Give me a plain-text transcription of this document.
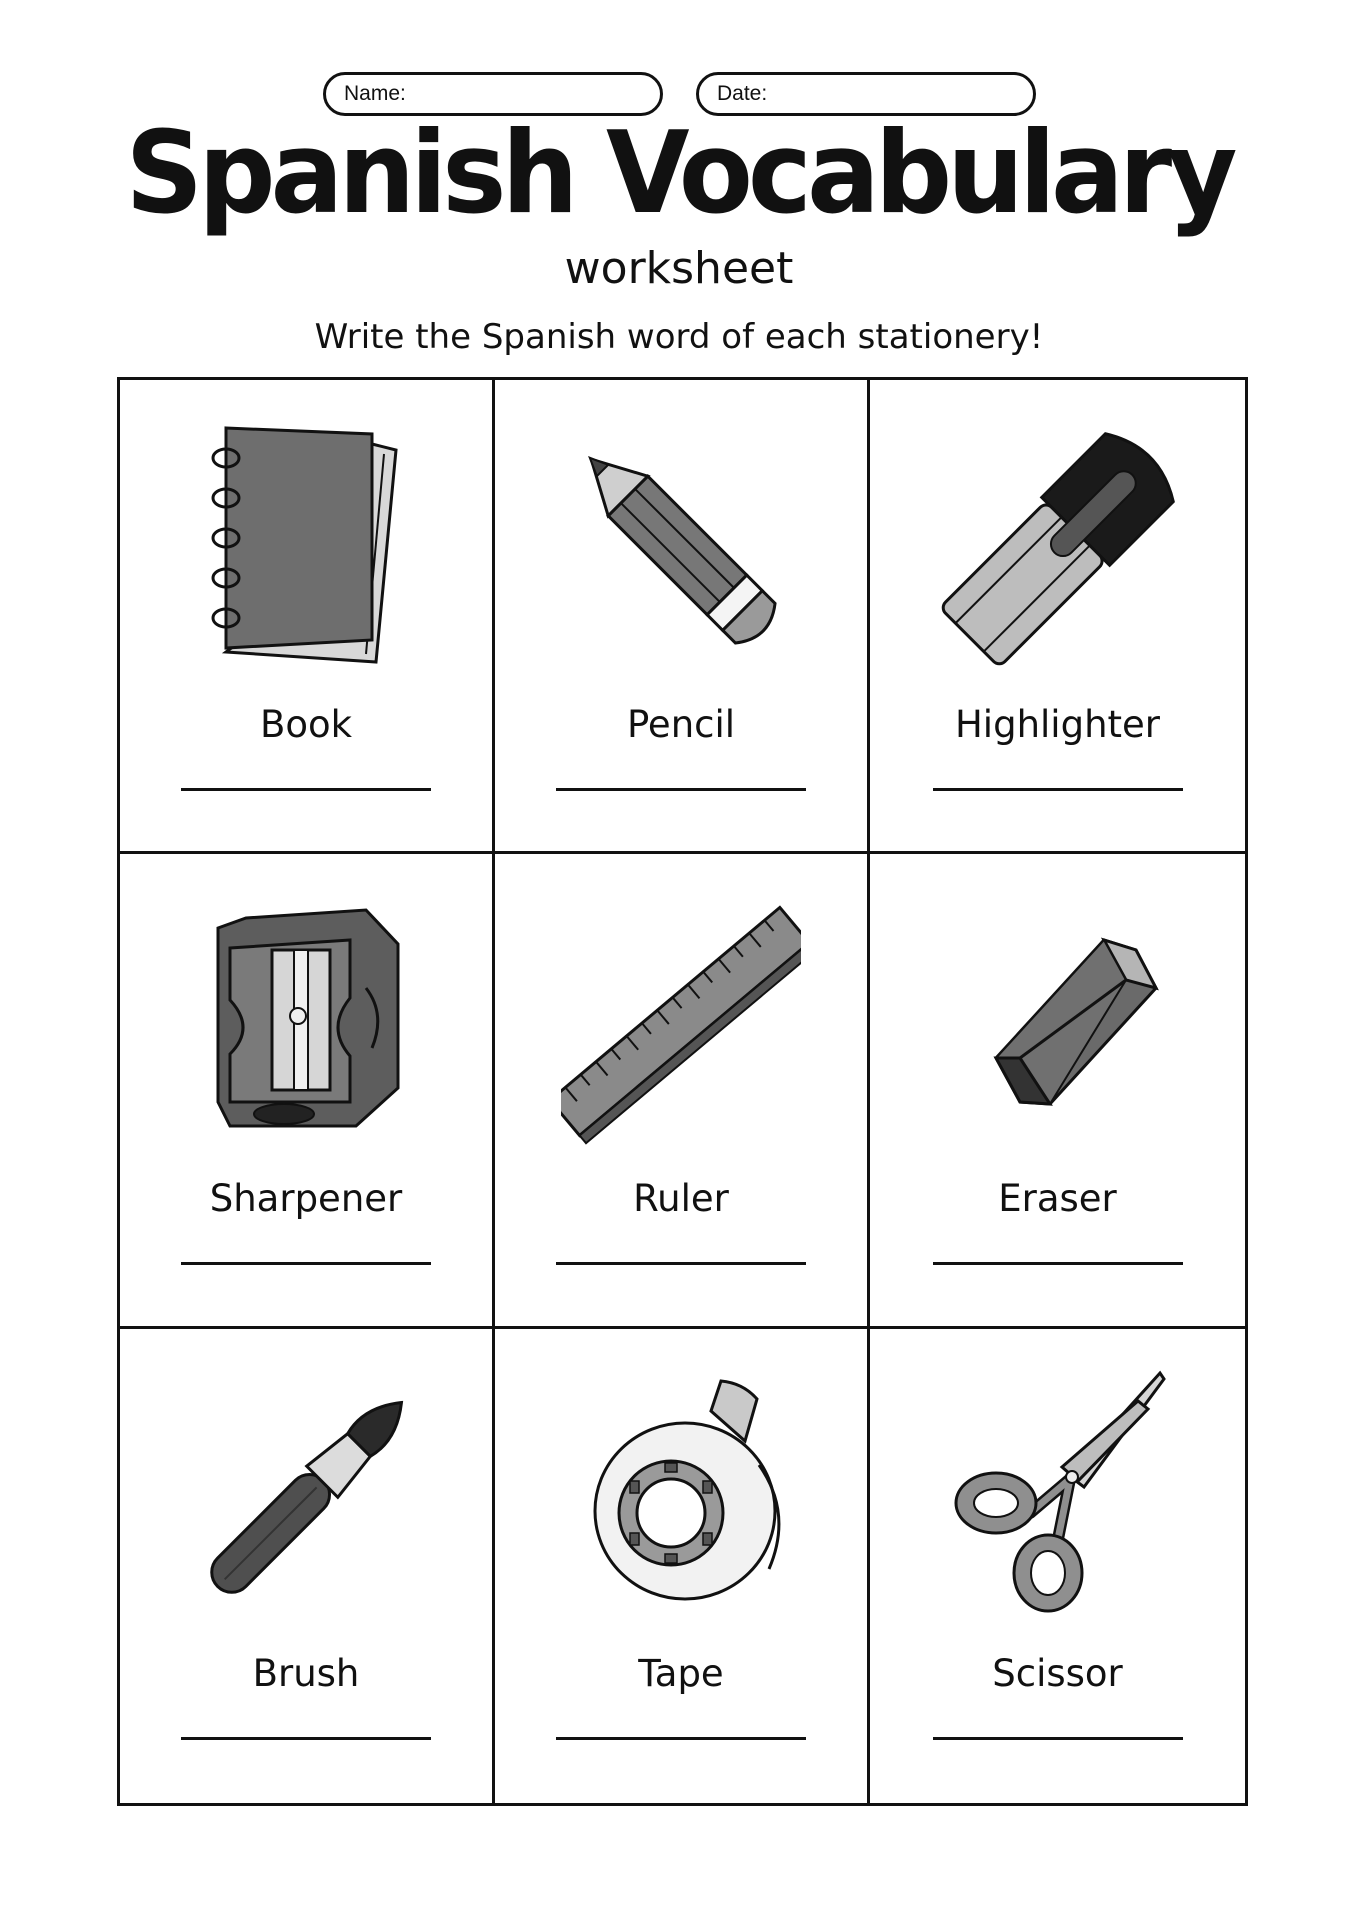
Name:	Date:
Spanish Vocabulary
worksheet
Write the Spanish word of each stationery!
Book	Pencil	Highlighter
Sharpener	Ruler	Eraser
Brush	Tape	Scissor
